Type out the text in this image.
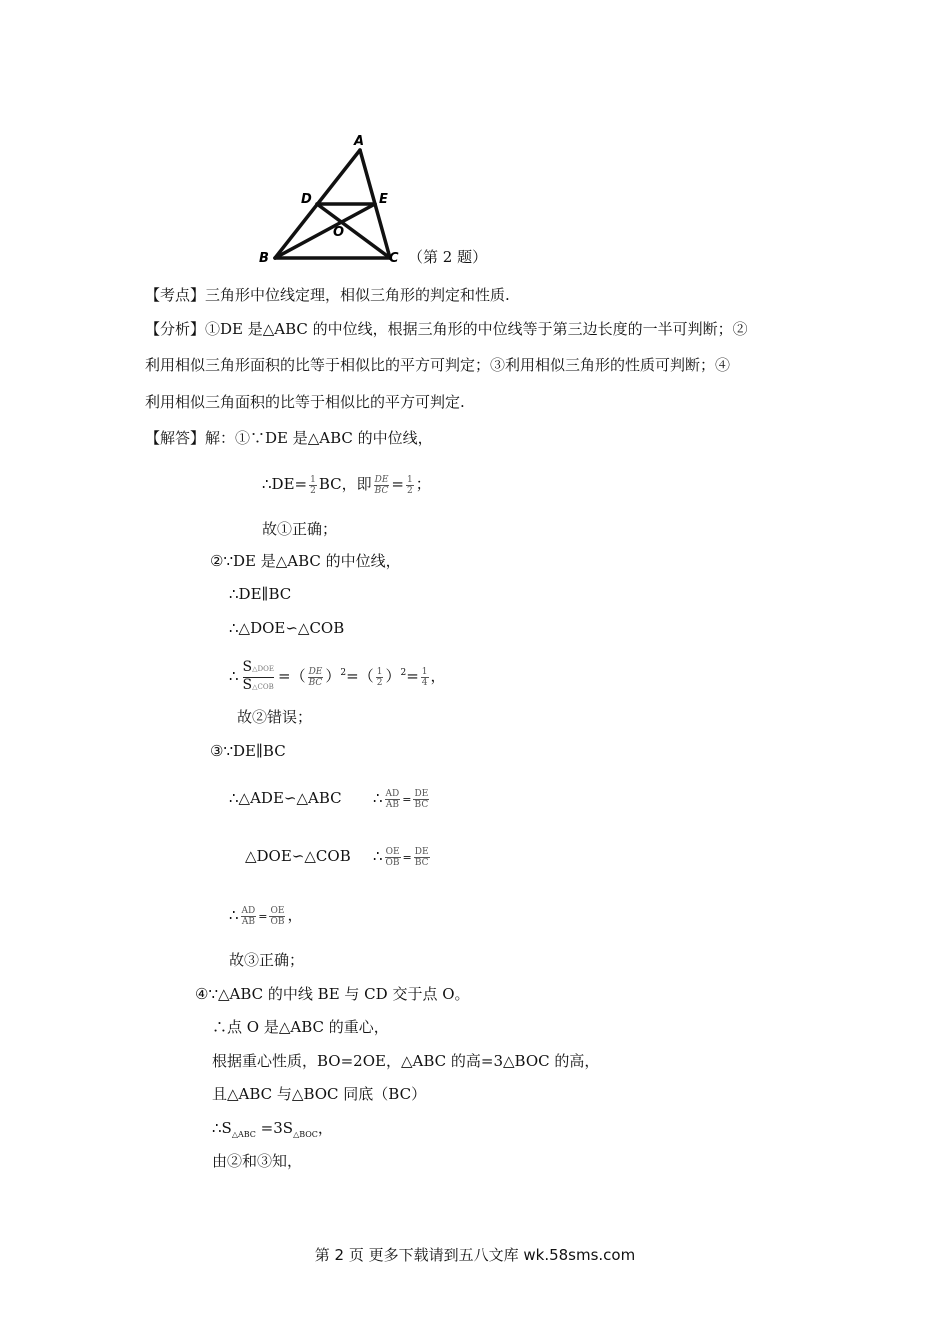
A
D	E
O
B	C （第 2 题）
【考点】三角形中位线定理，相似三角形的判定和性质.
【分析】①DE 是△ABC 的中位线，根据三角形的中位线等于第三边长度的一半可判断；②
利用相似三角形面积的比等于相似比的平方可判定；③利用相似三角形的性质可判断；④
利用相似三角面积的比等于相似比的平方可判定.
【解答】解：①∵DE 是△ABC 的中位线，
∴DE= $\frac{1}{2}$ BC，即 $\frac{DE}{BC} = \frac{1}{2}$ ；
故①正确；
②∵DE 是△ABC 的中位线，
∴DE∥BC
∴△DOE∽△COB
∴
S△DOE
S△COB
=（ $\frac{DE}{BC} )^2=( \frac{1}{2} )^2= \frac{1}{4}$ ，
故②错误；
③∵DE∥BC
∴△ADE∽△ABC ∴ $\frac{AD}{AB} = \frac{DE}{BC}$
△DOE∽△COB ∴ $\frac{OE}{OB} = \frac{DE}{BC}$
∴ $\frac{AD}{AB} = \frac{OE}{OB}$ ，
故③正确；
④∵△ABC 的中线 BE 与 CD 交于点 O。
∴点 O 是△ABC 的重心，
根据重心性质，BO=2OE，△ABC 的高=3△BOC 的高，
且△ABC 与△BOC 同底（BC）
$\therefore S_{\triangle ABC} =3S_{\triangle BOC}$，
由②和③知，
第 2 页 更多下载请到五八文库 wk.58sms.com
